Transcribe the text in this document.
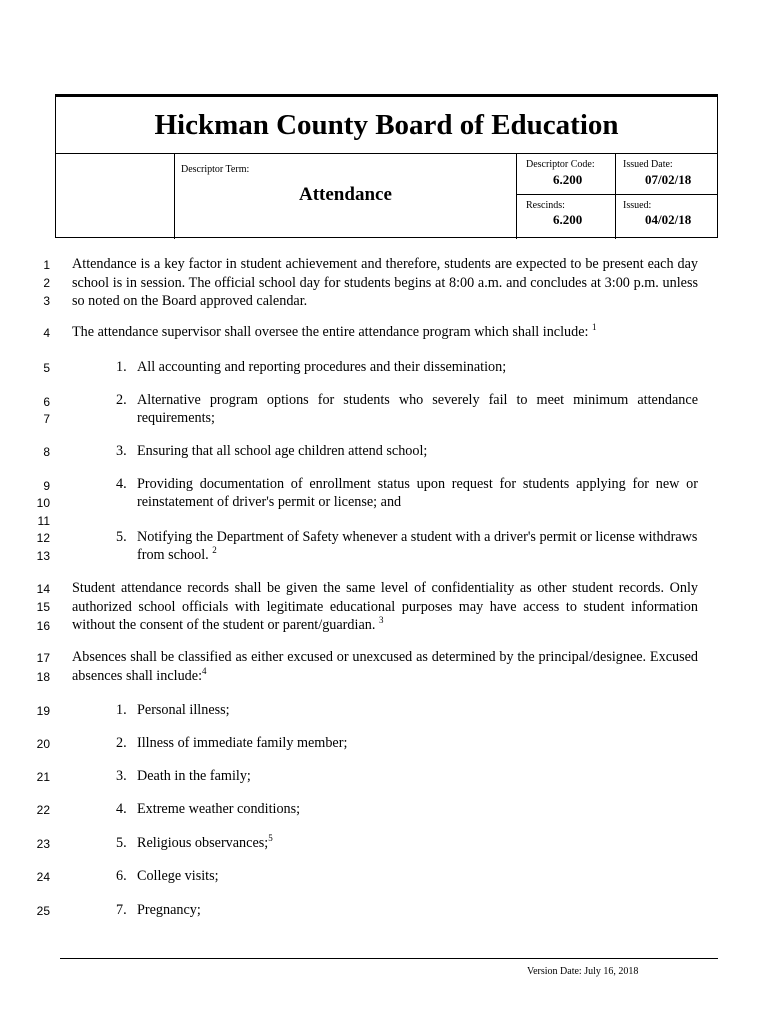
Hickman County Board of Education
Descriptor Term:
Attendance
Descriptor Code:
6.200
Issued Date:
07/02/18
Rescinds:
6.200
Issued:
04/02/18
1
2
3
4
5
6
7
8
9
10
11
12
13
14
15
16
17
18
19
20
21
22
23
24
25
Attendance is a key factor in student achievement and therefore, students are expected to be present each day school is in session. The official school day for students begins at 8:00 a.m. and concludes at 3:00 p.m. unless so noted on the Board approved calendar.
The attendance supervisor shall oversee the entire attendance program which shall include: $^1$
1. All accounting and reporting procedures and their dissemination;
2. Alternative program options for students who severely fail to meet minimum attendance requirements;
3. Ensuring that all school age children attend school;
4. Providing documentation of enrollment status upon request for students applying for new or reinstatement of driver's permit or license; and
5. Notifying the Department of Safety whenever a student with a driver's permit or license withdraws from school. $^2$
Student attendance records shall be given the same level of confidentiality as other student records. Only authorized school officials with legitimate educational purposes may have access to student information without the consent of the student or parent/guardian. $^3$
Absences shall be classified as either excused or unexcused as determined by the principal/designee. Excused absences shall include:$^4$
1. Personal illness;
2. Illness of immediate family member;
3. Death in the family;
4. Extreme weather conditions;
5. Religious observances;$^5$
6. College visits;
7. Pregnancy;
Version Date: July 16, 2018
